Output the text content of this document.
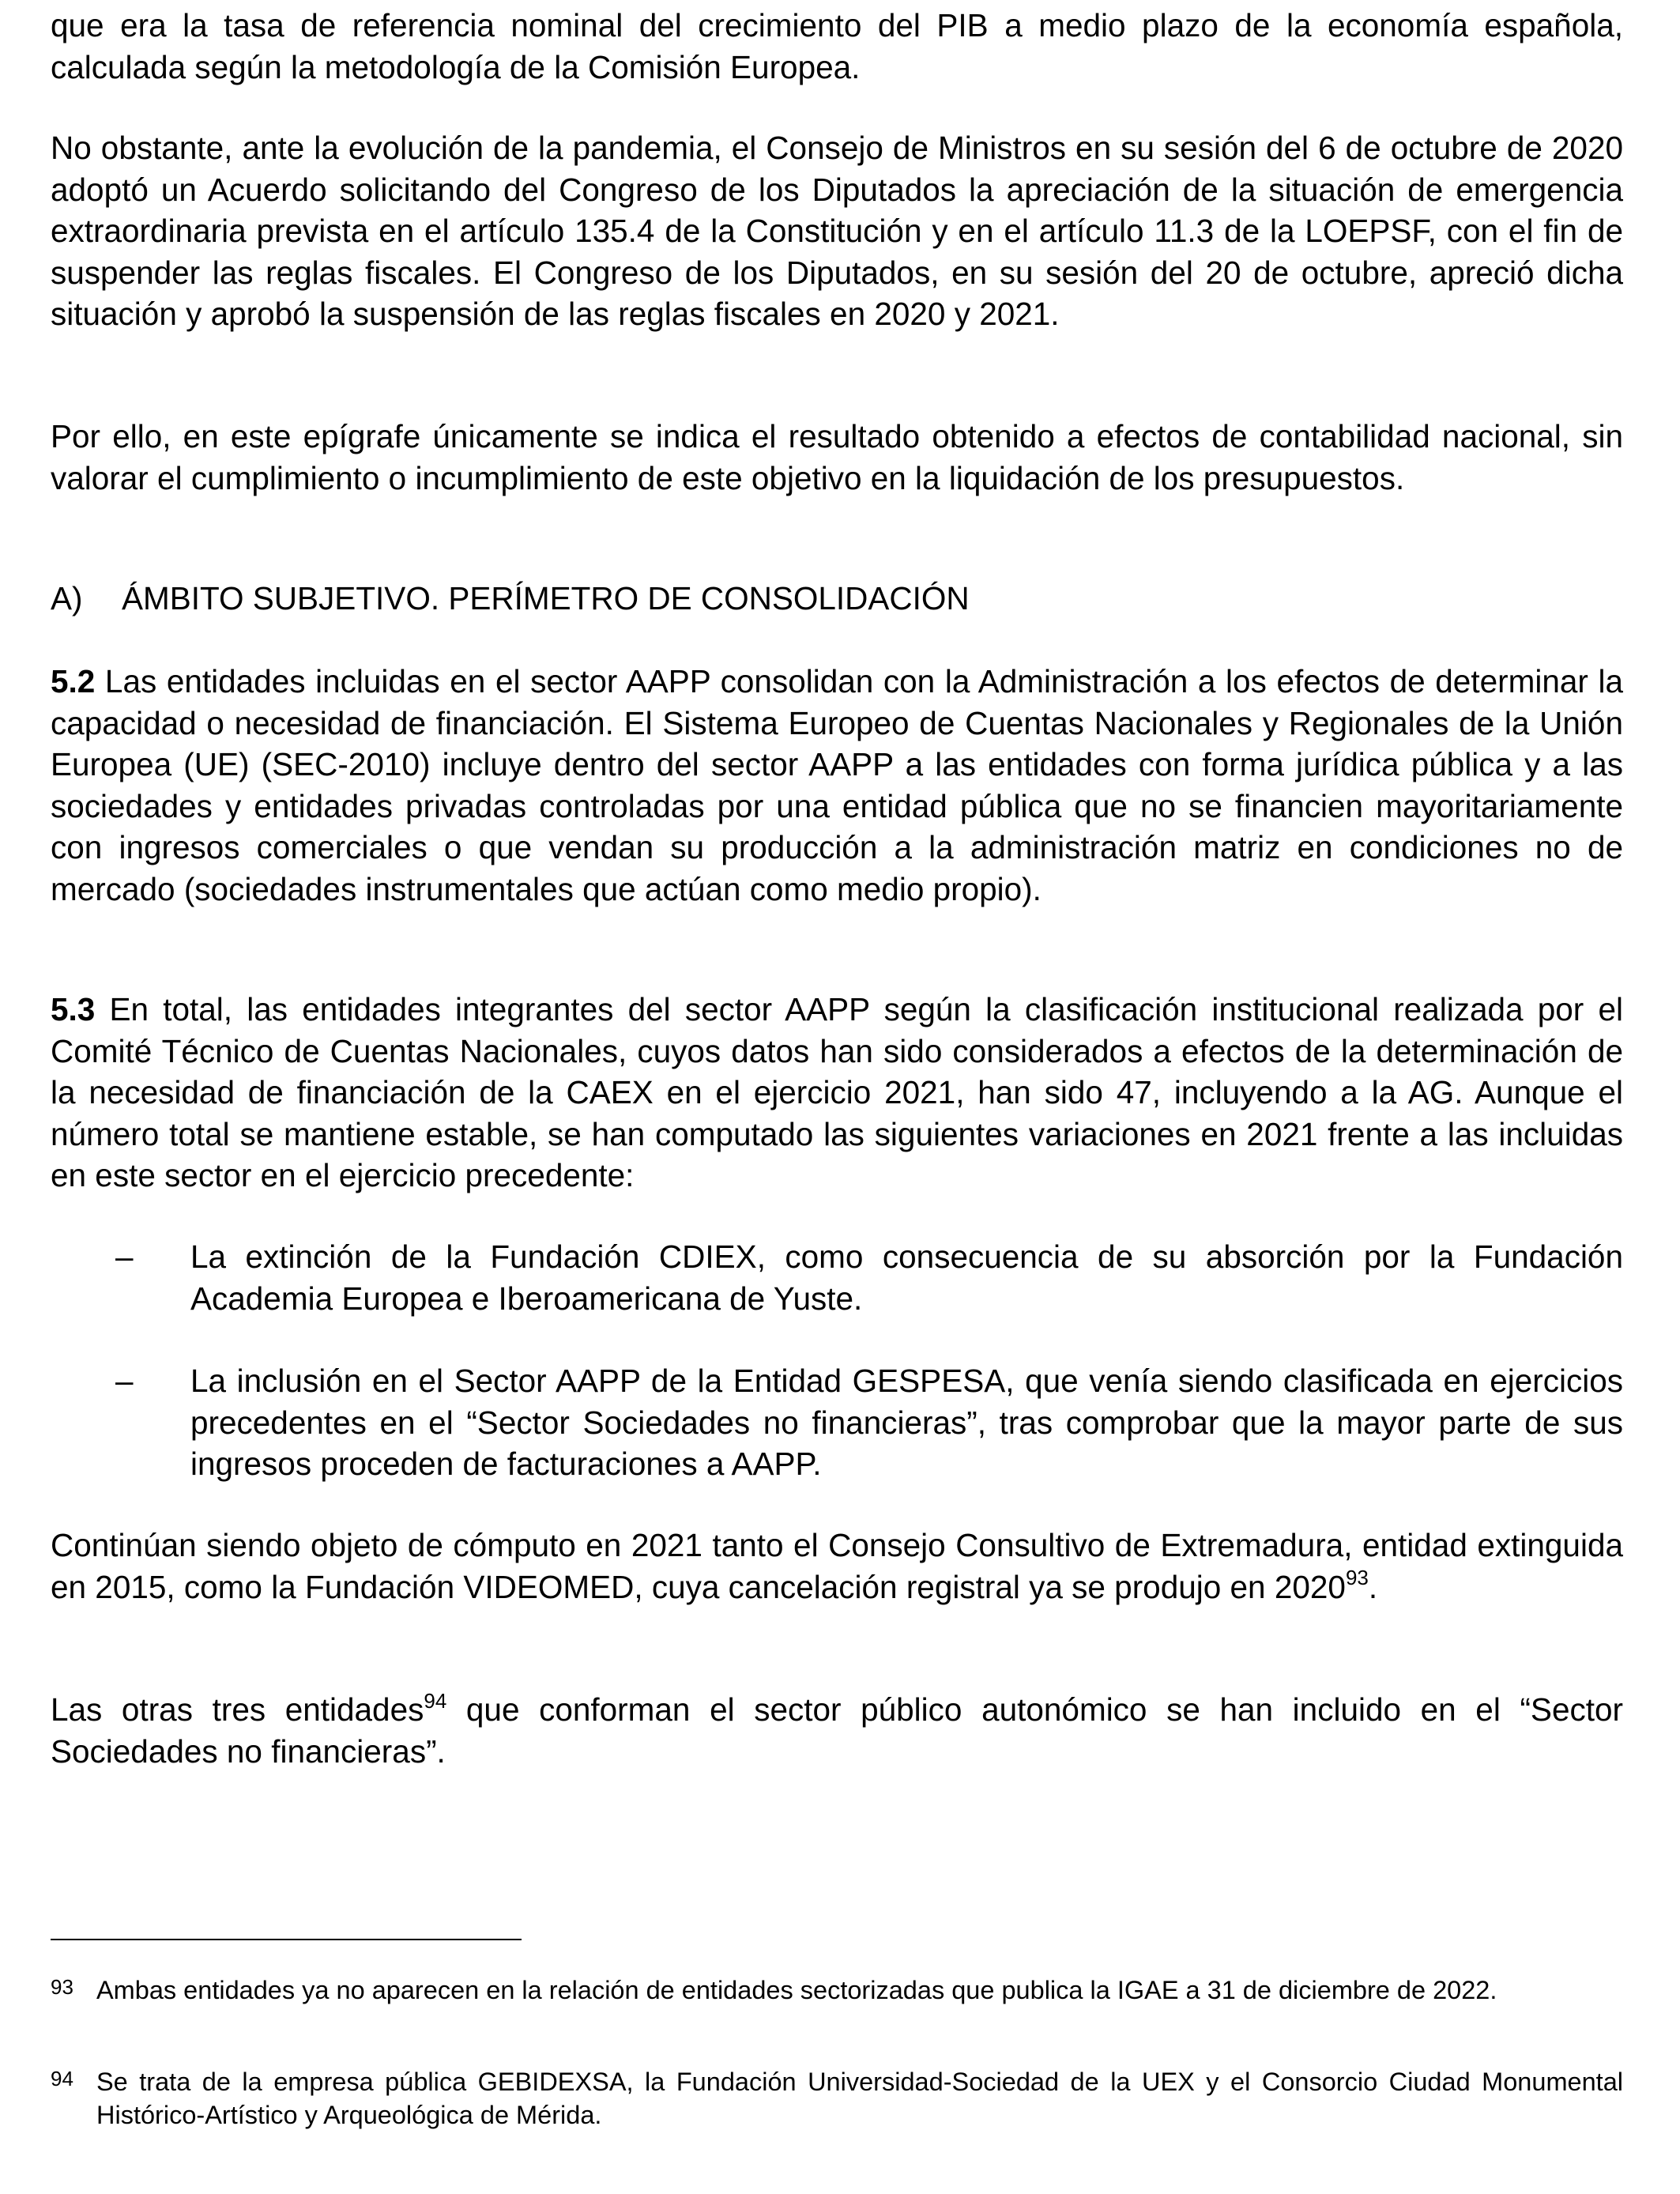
que era la tasa de referencia nominal del crecimiento del PIB a medio plazo de la economía española, calculada según la metodología de la Comisión Europea.

No obstante, ante la evolución de la pandemia, el Consejo de Ministros en su sesión del 6 de octubre de 2020 adoptó un Acuerdo solicitando del Congreso de los Diputados la apreciación de la situación de emergencia extraordinaria prevista en el artículo 135.4 de la Constitución y en el artículo 11.3 de la LOEPSF, con el fin de suspender las reglas fiscales. El Congreso de los Diputados, en su sesión del 20 de octubre, apreció dicha situación y aprobó la suspensión de las reglas fiscales en 2020 y 2021.

Por ello, en este epígrafe únicamente se indica el resultado obtenido a efectos de contabilidad nacional, sin valorar el cumplimiento o incumplimiento de este objetivo en la liquidación de los presupuestos.

A) ÁMBITO SUBJETIVO. PERÍMETRO DE CONSOLIDACIÓN

5.2 Las entidades incluidas en el sector AAPP consolidan con la Administración a los efectos de determinar la capacidad o necesidad de financiación. El Sistema Europeo de Cuentas Nacionales y Regionales de la Unión Europea (UE) (SEC-2010) incluye dentro del sector AAPP a las entidades con forma jurídica pública y a las sociedades y entidades privadas controladas por una entidad pública que no se financien mayoritariamente con ingresos comerciales o que vendan su producción a la administración matriz en condiciones no de mercado (sociedades instrumentales que actúan como medio propio).

5.3 En total, las entidades integrantes del sector AAPP según la clasificación institucional realizada por el Comité Técnico de Cuentas Nacionales, cuyos datos han sido considerados a efectos de la determinación de la necesidad de financiación de la CAEX en el ejercicio 2021, han sido 47, incluyendo a la AG. Aunque el número total se mantiene estable, se han computado las siguientes variaciones en 2021 frente a las incluidas en este sector en el ejercicio precedente:

– La extinción de la Fundación CDIEX, como consecuencia de su absorción por la Fundación Academia Europea e Iberoamericana de Yuste.
– La inclusión en el Sector AAPP de la Entidad GESPESA, que venía siendo clasificada en ejercicios precedentes en el “Sector Sociedades no financieras”, tras comprobar que la mayor parte de sus ingresos proceden de facturaciones a AAPP.

Continúan siendo objeto de cómputo en 2021 tanto el Consejo Consultivo de Extremadura, entidad extinguida en 2015, como la Fundación VIDEOMED, cuya cancelación registral ya se produjo en 2020$^{93}$.

Las otras tres entidades$^{94}$ que conforman el sector público autonómico se han incluido en el “Sector Sociedades no financieras”.

93 Ambas entidades ya no aparecen en la relación de entidades sectorizadas que publica la IGAE a 31 de diciembre de 2022.
94 Se trata de la empresa pública GEBIDEXSA, la Fundación Universidad-Sociedad de la UEX y el Consorcio Ciudad Monumental Histórico-Artístico y Arqueológica de Mérida.
